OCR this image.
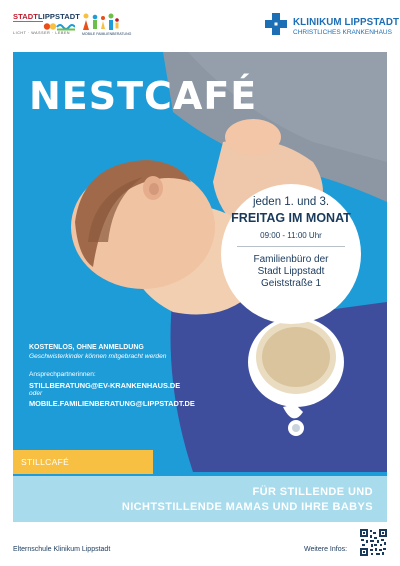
STADTLIPPSTADT
LICHT · WASSER · LEBEN	MOBILE FAMILIENBERATUNG
KLINIKUM LIPPSTADT
CHRISTLICHES KRANKENHAUS
NESTCAFÉ
jeden 1. und 3.
FREITAG IM MONAT
09:00 - 11:00 Uhr
Familienbüro der
Stadt Lippstadt
Geiststraße 1
KOSTENLOS, OHNE ANMELDUNG
Geschwisterkinder können mitgebracht werden
Ansprechpartnerinnen:
STILLBERATUNG@EV-KRANKENHAUS.DE
oder
MOBILE.FAMILIENBERATUNG@LIPPSTADT.DE
STILLCAFÉ
FÜR STILLENDE UND
NICHTSTILLENDE MAMAS UND IHRE BABYS
Elternschule Klinikum Lippstadt	Weitere Infos:
